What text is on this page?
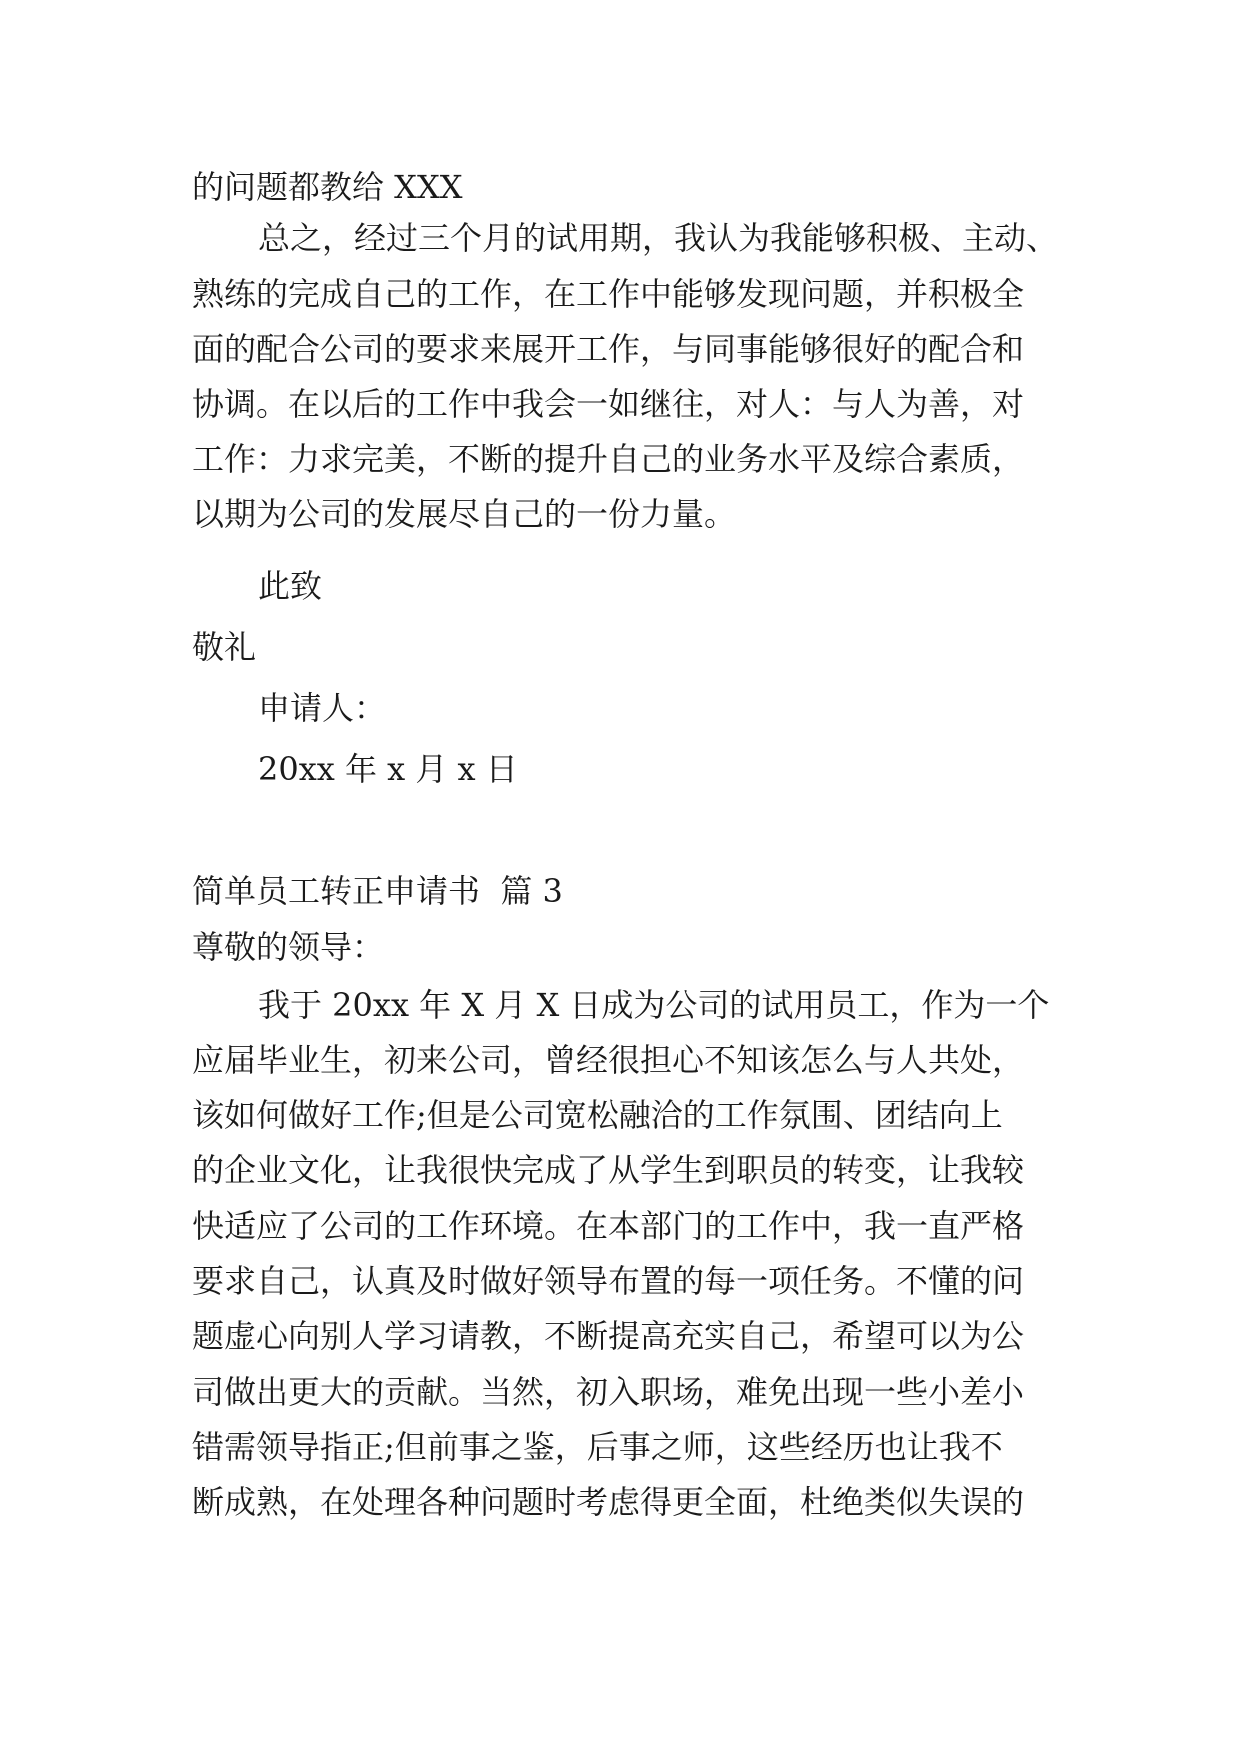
的问题都教给 XXX

总之，经过三个月的试用期，我认为我能够积极、主动、

熟练的完成自己的工作，在工作中能够发现问题，并积极全

面的配合公司的要求来展开工作，与同事能够很好的配合和

协调。在以后的工作中我会一如继往，对人：与人为善，对

工作：力求完美，不断的提升自己的业务水平及综合素质，

以期为公司的发展尽自己的一份力量。

此致

敬礼

申请人：

20xx 年 x 月 x 日

简单员工转正申请书  篇 3

尊敬的领导：

我于 20xx 年 X 月 X 日成为公司的试用员工，作为一个

应届毕业生，初来公司，曾经很担心不知该怎么与人共处，

该如何做好工作;但是公司宽松融洽的工作氛围、团结向上

的企业文化，让我很快完成了从学生到职员的转变，让我较

快适应了公司的工作环境。在本部门的工作中，我一直严格

要求自己，认真及时做好领导布置的每一项任务。不懂的问

题虚心向别人学习请教，不断提高充实自己，希望可以为公

司做出更大的贡献。当然，初入职场，难免出现一些小差小

错需领导指正;但前事之鉴，后事之师，这些经历也让我不

断成熟，在处理各种问题时考虑得更全面，杜绝类似失误的
